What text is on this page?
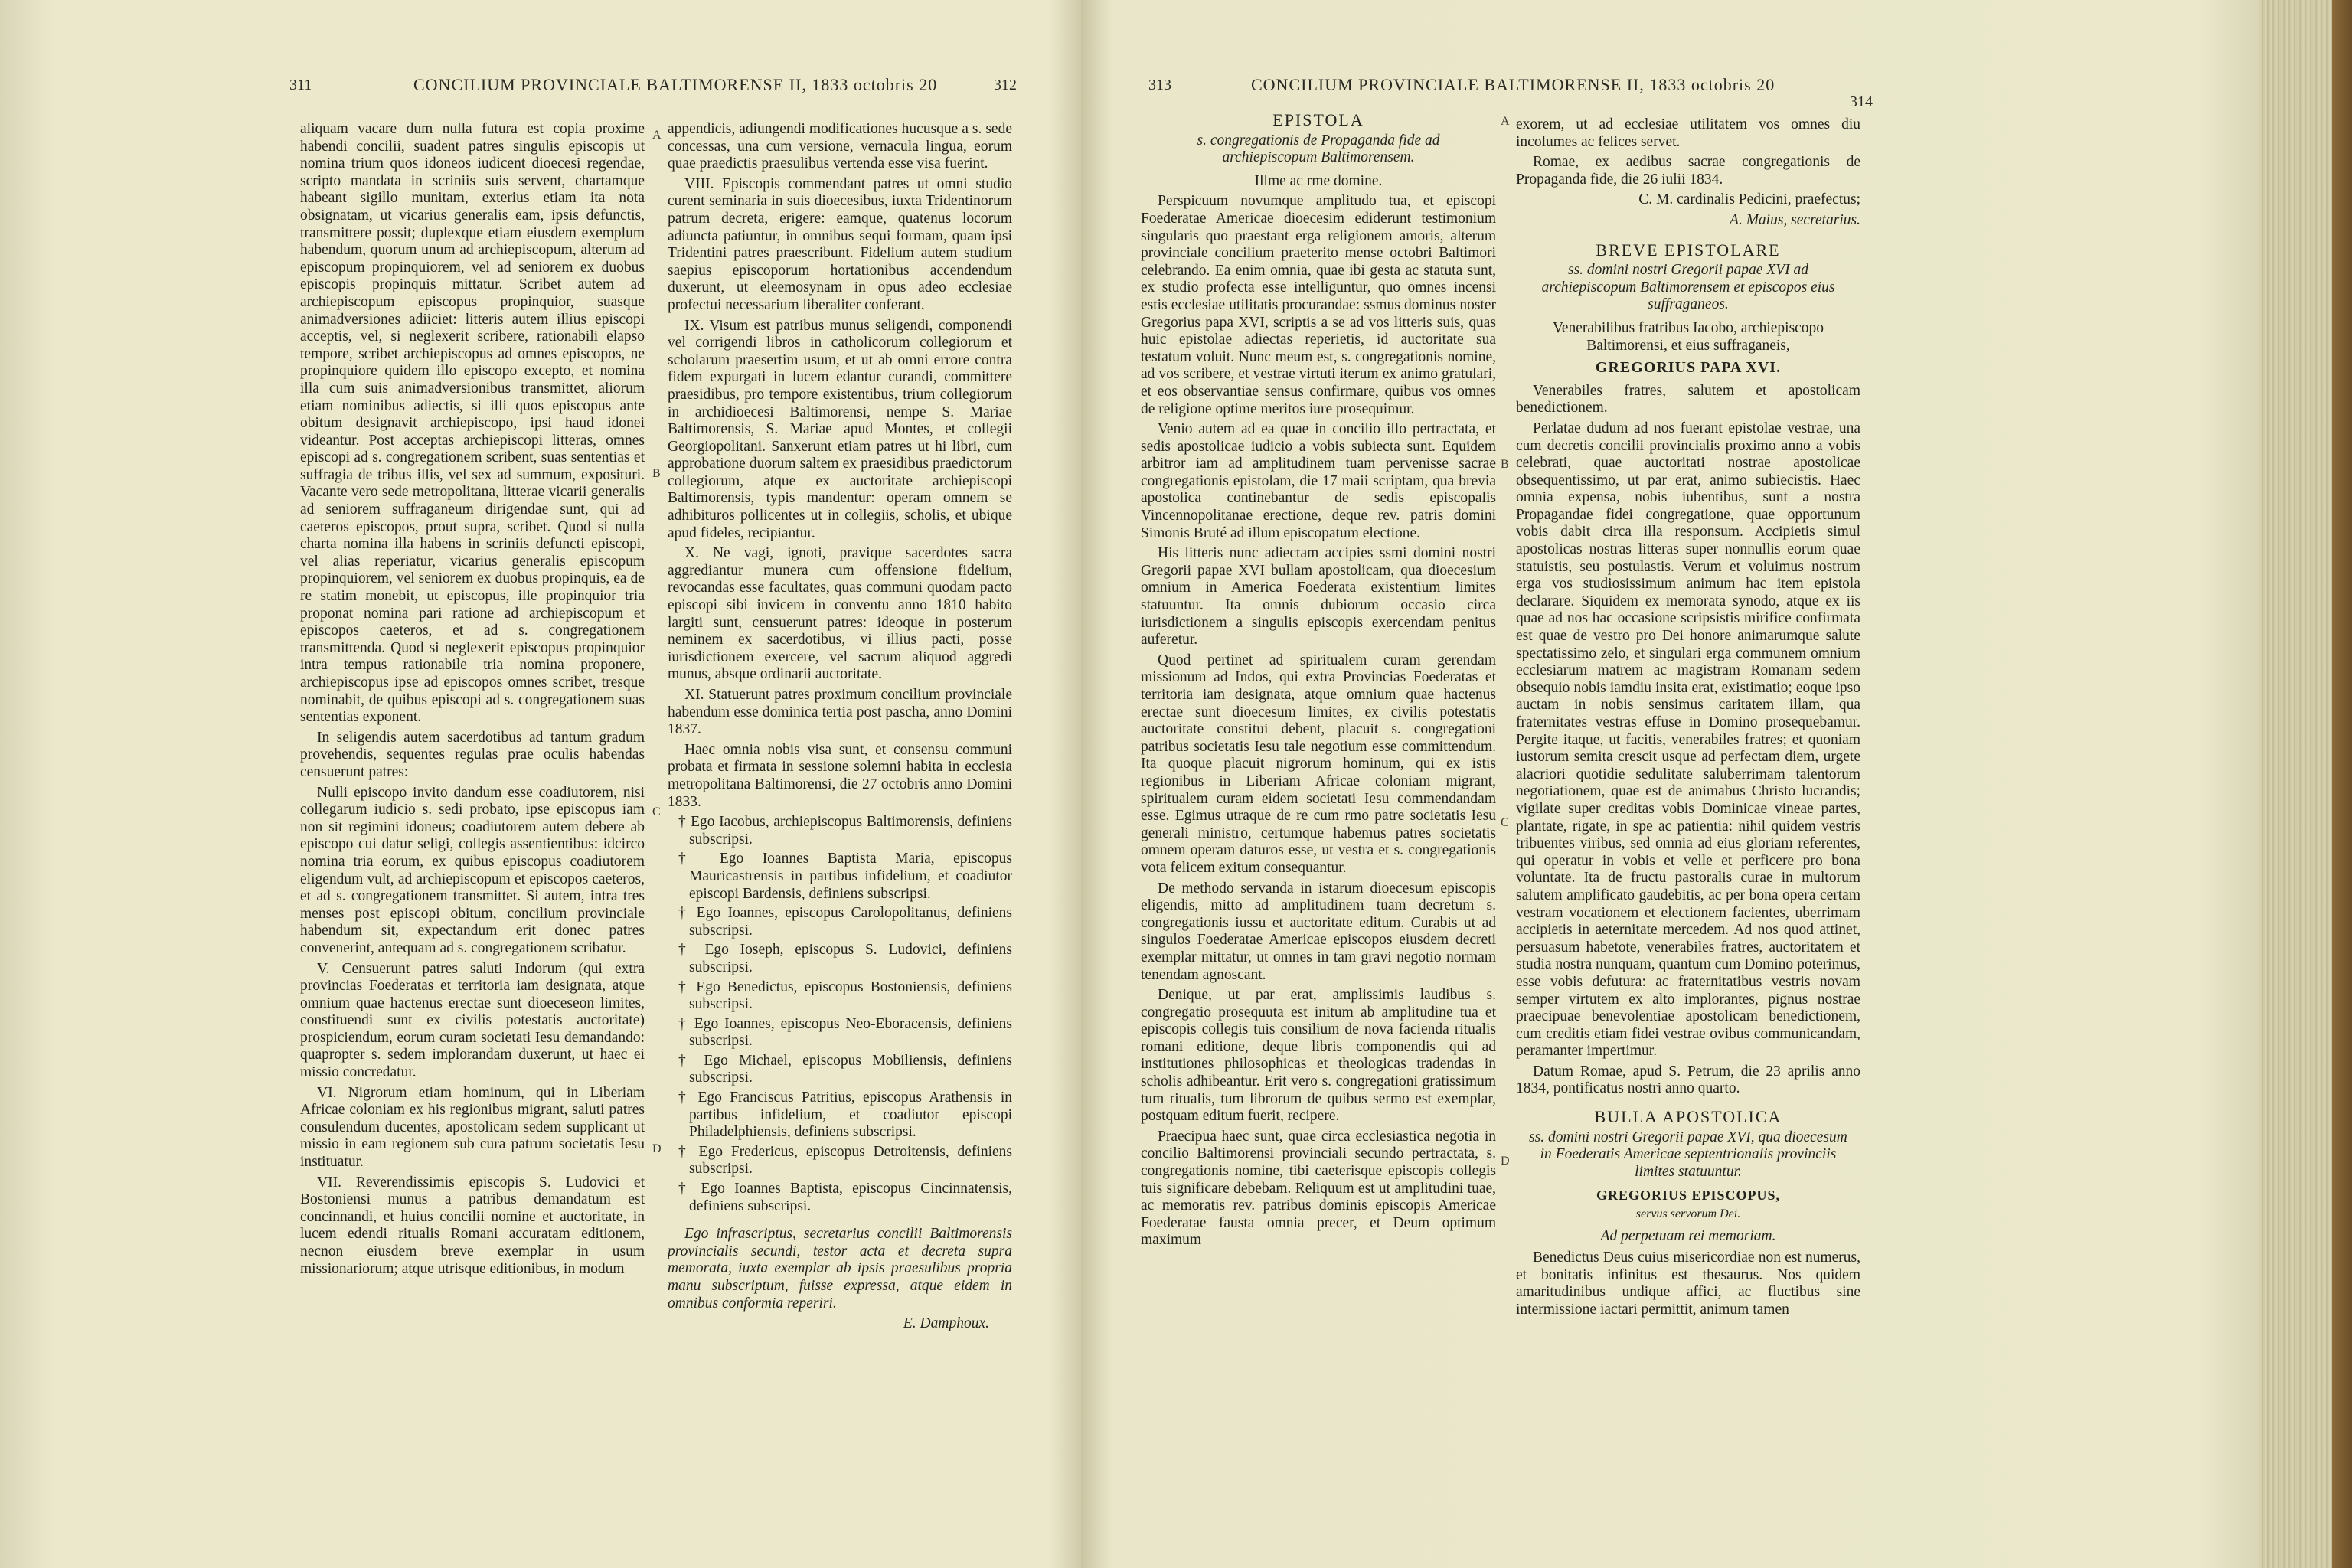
311	CONCILIUM PROVINCIALE BALTIMORENSE II, 1833 octobris 20	312

aliquam vacare dum nulla futura est copia proxime habendi concilii, suadent patres singulis episcopis ut nomina trium quos idoneos iudicent dioecesi regendae, scripto mandata in scriniis suis servent, chartamque habeant sigillo munitam, exterius etiam ita nota obsignatam, ut vicarius generalis eam, ipsis defunctis, transmittere possit; duplexque etiam eiusdem exemplum habendum, quorum unum ad archiepiscopum, alterum ad episcopum propinquiorem, vel ad seniorem ex duobus episcopis propinquis mittatur. Scribet autem ad archiepiscopum episcopus propinquior, suasque animadversiones adiiciet: litteris autem illius episcopi acceptis, vel, si neglexerit scribere, rationabili elapso tempore, scribet archiepiscopus ad omnes episcopos, ne propinquiore quidem illo episcopo excepto, et nomina illa cum suis animadversionibus transmittet, aliorum etiam nominibus adiectis, si illi quos episcopus ante obitum designavit archiepiscopo, ipsi haud idonei videantur. Post acceptas archiepiscopi litteras, omnes episcopi ad s. congregationem scribent, suas sententias et suffragia de tribus illis, vel sex ad summum, expositurі. Vacante vero sede metropolitana, litterae vicarii generalis ad seniorem suffraganeum dirigendae sunt, qui ad caeteros episcopos, prout supra, scribet. Quod si nulla charta nomina illa habens in scriniis defuncti episcopi, vel alias reperiatur, vicarius generalis episcopum propinquiorem, vel seniorem ex duobus propinquis, ea de re statim monebit, ut episcopus, ille propinquior tria proponat nomina pari ratione ad archiepiscopum et episcopos caeteros, et ad s. congregationem transmittenda. Quod si neglexerit episcopus propinquior intra tempus rationabile tria nomina proponere, archiepiscopus ipse ad episcopos omnes scribet, tresque nominabit, de quibus episcopi ad s. congregationem suas sententias exponent.

In seligendis autem sacerdotibus ad tantum gradum provehendis, sequentes regulas prae oculis habendas censuerunt patres:

Nulli episcopo invito dandum esse coadiutorem, nisi collegarum iudicio s. sedi probato, ipse episcopus iam non sit regimini idoneus; coadiutorem autem debere ab episcopo cui datur seligi, collegis assentientibus: idcirco nomina tria eorum, ex quibus episcopus coadiutorem eligendum vult, ad archiepiscopum et episcopos caeteros, et ad s. congregationem transmittet. Si autem, intra tres menses post episcopi obitum, concilium provinciale habendum sit, expectandum erit donec patres convenerint, antequam ad s. congregationem scribatur.

V. Censuerunt patres saluti Indorum (qui extra provincias Foederatas et territoria iam designata, atque omnium quae hactenus erectae sunt dioeceseon limites, constituendi sunt ex civilis potestatis auctoritate) prospiciendum, eorum curam societati Iesu demandando: quapropter s. sedem implorandam duxerunt, ut haec ei missio concredatur.

VI. Nigrorum etiam hominum, qui in Liberiam Africae coloniam ex his regionibus migrant, saluti patres consulendum ducentes, apostolicam sedem supplicant ut missio in eam regionem sub cura patrum societatis Iesu instituatur.

VII. Reverendissimis episcopis S. Ludovici et Bostoniensi munus a patribus demandatum est concinnandi, et huius concilii nomine et auctoritate, in lucem edendi ritualis Romani accuratam editionem, necnon eiusdem breve exemplar in usum missionariorum; atque utrisque editionibus, in modum

A
B
C
D

appendicis, adiungendi modificationes hucusque a s. sede concessas, una cum versione, vernacula lingua, eorum quae praedictis praesulibus vertenda esse visa fuerint.

VIII. Episcopis commendant patres ut omni studio curent seminaria in suis dioecesibus, iuxta Tridentinorum patrum decreta, erigere: eamque, quatenus locorum adiuncta patiuntur, in omnibus sequi formam, quam ipsi Tridentini patres praescribunt. Fidelium autem studium saepius episcoporum hortationibus accendendum duxerunt, ut eleemosynam in opus adeo ecclesiae profectui necessarium liberaliter conferant.

IX. Visum est patribus munus seligendi, componendi vel corrigendi libros in catholicorum collegiorum et scholarum praesertim usum, et ut ab omni errore contra fidem expurgati in lucem edantur curandi, committere praesidibus, pro tempore existentibus, trium collegiorum in archidioecesi Baltimorensi, nempe S. Mariae Baltimorensis, S. Mariae apud Montes, et collegii Georgiopolitani. Sanxerunt etiam patres ut hi libri, cum approbatione duorum saltem ex praesidibus praedictorum collegiorum, atque ex auctoritate archiepiscopi Baltimorensis, typis mandentur: operam omnem se adhibituros pollicentes ut in collegiis, scholis, et ubique apud fideles, recipiantur.

X. Ne vagi, ignoti, pravique sacerdotes sacra aggrediantur munera cum offensione fidelium, revocandas esse facultates, quas communi quodam pacto episcopi sibi invicem in conventu anno 1810 habito largiti sunt, censuerunt patres: ideoque in posterum neminem ex sacerdotibus, vi illius pacti, posse iurisdictionem exercere, vel sacrum aliquod aggredi munus, absque ordinarii auctoritate.

XI. Statuerunt patres proximum concilium provinciale habendum esse dominica tertia post pascha, anno Domini 1837.

Haec omnia nobis visa sunt, et consensu communi probata et firmata in sessione solemni habita in ecclesia metropolitana Baltimorensi, die 27 octobris anno Domini 1833.

† Ego Iacobus, archiepiscopus Baltimorensis, definiens subscripsi.

† Ego Ioannes Baptista Maria, episcopus Mauricastrensis in partibus infidelium, et coadiutor episcopi Bardensis, definiens subscripsi.

† Ego Ioannes, episcopus Carolopolitanus, definiens subscripsi.

† Ego Ioseph, episcopus S. Ludovici, definiens subscripsi.

† Ego Benedictus, episcopus Bostoniensis, definiens subscripsi.

† Ego Ioannes, episcopus Neo-Eboracensis, definiens subscripsi.

† Ego Michael, episcopus Mobiliensis, definiens subscripsi.

† Ego Franciscus Patritius, episcopus Arathensis in partibus infidelium, et coadiutor episcopi Philadelphiensis, definiens subscripsi.

† Ego Fredericus, episcopus Detroitensis, definiens subscripsi.

† Ego Ioannes Baptista, episcopus Cincinnatensis, definiens subscripsi.

Ego infrascriptus, secretarius concilii Baltimorensis provincialis secundi, testor acta et decreta supra memorata, iuxta exemplar ab ipsis praesulibus propria manu subscriptum, fuisse expressa, atque eidem in omnibus conformia reperiri.

E. Damphoux.

313	CONCILIUM PROVINCIALE BALTIMORENSE II, 1833 octobris 20
314
EPISTOLA

s. congregationis de Propaganda fide ad archiepiscopum Baltimorensem.

Illme ac rme domine.

Perspicuum novumque amplitudo tua, et episcopi Foederatae Americae dioecesim ediderunt testimonium singularis quo praestant erga religionem amoris, alterum provinciale concilium praeterito mense octobri Baltimori celebrando. Ea enim omnia, quae ibi gesta ac statuta sunt, ex studio profecta esse intelliguntur, quo omnes incensi estis ecclesiae utilitatis procurandae: ssmus dominus noster Gregorius papa XVI, scriptis a se ad vos litteris suis, quas huic epistolae adiectas reperietis, id auctoritate sua testatum voluit. Nunc meum est, s. congregationis nomine, ad vos scribere, et vestrae virtuti iterum ex animo gratulari, et eos observantiae sensus confirmare, quibus vos omnes de religione optime meritos iure prosequimur.

Venio autem ad ea quae in concilio illo pertractata, et sedis apostolicae iudicio a vobis subiecta sunt. Equidem arbitror iam ad amplitudinem tuam pervenisse sacrae congregationis epistolam, die 17 maii scriptam, qua brevia apostolica continebantur de sedis episcopalis Vincennopolitanae erectione, deque rev. patris domini Simonis Bruté ad illum episcopatum electione.

His litteris nunc adiectam accipies ssmi domini nostri Gregorii papae XVI bullam apostolicam, qua dioecesium omnium in America Foederata existentium limites statuuntur. Ita omnis dubiorum occasio circa iurisdictionem a singulis episcopis exercendam penitus auferetur.

Quod pertinet ad spiritualem curam gerendam missionum ad Indos, qui extra Provincias Foederatas et territoria iam designata, atque omnium quae hactenus erectae sunt dioecesum limites, ex civilis potestatis auctoritate constitui debent, placuit s. congregationi patribus societatis Iesu tale negotium esse committendum. Ita quoque placuit nigrorum hominum, qui ex istis regionibus in Liberiam Africae coloniam migrant, spiritualem curam eidem societati Iesu commendandam esse. Egimus utraque de re cum rmo patre societatis Iesu generali ministro, certumque habemus patres societatis omnem operam daturos esse, ut vestra et s. congregationis vota felicem exitum consequantur.

De methodo servanda in istarum dioecesum episcopis eligendis, mitto ad amplitudinem tuam decretum s. congregationis iussu et auctoritate editum. Curabis ut ad singulos Foederatae Americae episcopos eiusdem decreti exemplar mittatur, ut omnes in tam gravi negotio normam tenendam agnoscant.

Denique, ut par erat, amplissimis laudibus s. congregatio prosequuta est initum ab amplitudine tua et episcopis collegis tuis consilium de nova facienda ritualis romani editione, deque libris componendis qui ad institutiones philosophicas et theologicas tradendas in scholis adhibeantur. Erit vero s. congregationi gratissimum tum ritualis, tum librorum de quibus sermo est exemplar, postquam editum fuerit, recipere.

Praecipua haec sunt, quae circa ecclesiastica negotia in concilio Baltimorensi provinciali secundo pertractata, s. congregationis nomine, tibi caeterisque episcopis collegis tuis significare debebam. Reliquum est ut amplitudini tuae, ac memoratis rev. patribus dominis episcopis Americae Foederatae fausta omnia precer, et Deum optimum maximum

A
B
C
D

exorem, ut ad ecclesiae utilitatem vos omnes diu incolumes ac felices servet.

Romae, ex aedibus sacrae congregationis de Propaganda fide, die 26 iulii 1834.

C. M. cardinalis Pedicini, praefectus;

A. Maius, secretarius.

BREVE EPISTOLARE

ss. domini nostri Gregorii papae XVI ad archiepiscopum Baltimorensem et episcopos eius suffraganeos.

Venerabilibus fratribus Iacobo, archiepiscopo Baltimorensi, et eius suffraganeis,

GREGORIUS PAPA XVI.

Venerabiles fratres, salutem et apostolicam benedictionem.

Perlatae dudum ad nos fuerant epistolae vestrae, una cum decretis concilii provincialis proximo anno a vobis celebrati, quae auctoritati nostrae apostolicae obsequentissimo, ut par erat, animo subiecistis. Haec omnia expensa, nobis iubentibus, sunt a nostra Propagandae fidei congregatione, quae opportunum vobis dabit circa illa responsum. Accipietis simul apostolicas nostras litteras super nonnullis eorum quae statuistis, seu postulastis. Verum et voluimus nostrum erga vos studiosissimum animum hac item epistola declarare. Siquidem ex memorata synodo, atque ex iis quae ad nos hac occasione scripsistis mirifice confirmata est quae de vestro pro Dei honore animarumque salute spectatissimo zelo, et singulari erga communem omnium ecclesiarum matrem ac magistram Romanam sedem obsequio nobis iamdiu insita erat, existimatio; eoque ipso auctam in nobis sensimus caritatem illam, qua fraternitates vestras effuse in Domino prosequebamur. Pergite itaque, ut facitis, venerabiles fratres; et quoniam iustorum semita crescit usque ad perfectam diem, urgete alacriori quotidie sedulitate saluberrimam talentorum negotiationem, quae est de animabus Christo lucrandis; vigilate super creditas vobis Dominicae vineae partes, plantate, rigate, in spe ac patientia: nihil quidem vestris tribuentes viribus, sed omnia ad eius gloriam referentes, qui operatur in vobis et velle et perficere pro bona voluntate. Ita de fructu pastoralis curae in multorum salutem amplificato gaudebitis, ac per bona opera certam vestram vocationem et electionem facientes, uberrimam accipietis in aeternitate mercedem. Ad nos quod attinet, persuasum habetote, venerabiles fratres, auctoritatem et studia nostra nunquam, quantum cum Domino poterimus, esse vobis defutura: ac fraternitatibus vestris novam semper virtutem ex alto implorantes, pignus nostrae praecipuae benevolentiae apostolicam benedictionem, cum creditis etiam fidei vestrae ovibus communicandam, peramanter impertimur.

Datum Romae, apud S. Petrum, die 23 aprilis anno 1834, pontificatus nostri anno quarto.

BULLA APOSTOLICA

ss. domini nostri Gregorii papae XVI, qua dioecesum in Foederatis Americae septentrionalis provinciis limites statuuntur.

GREGORIUS EPISCOPUS,

servus servorum Dei.

Ad perpetuam rei memoriam.

Benedictus Deus cuius misericordiae non est numerus, et bonitatis infinitus est thesaurus. Nos quidem amaritudinibus undique affici, ac fluctibus sine intermissione iactari permittit, animum tamen
